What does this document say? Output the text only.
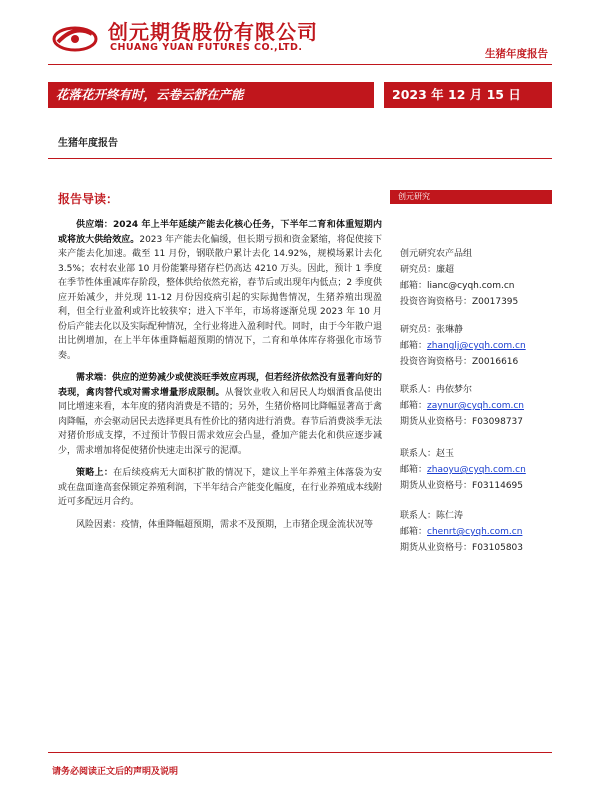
创元期货股份有限公司
CHUANG YUAN FUTURES CO.,LTD.
生猪年度报告
花落花开终有时，云卷云舒在产能	2023 年 12 月 15 日
生猪年度报告
报告导读：

供应端：2024 年上半年延续产能去化核心任务，下半年二育和体重短期内或将放大供给效应。2023 年产能去化偏缓，但长期亏损和资金紧缩，将促使接下来产能去化加速。截至 11 月份，钢联散户累计去化 14.92%，规模场累计去化 3.5%；农村农业部 10 月份能繁母猪存栏仍高达 4210 万头。因此，预计 1 季度在季节性体重减库存阶段，整体供给依然充裕，春节后或出现年内低点；2 季度供应开始减少，并兑现 11-12 月份因疫病引起的实际抛售情况，生猪养殖出现盈利，但全行业盈利或许比较狭窄；进入下半年，市场将逐渐兑现 2023 年 10 月份后产能去化以及实际配种情况，全行业将进入盈利时代。同时，由于今年散户退出比例增加，在上半年体重降幅超预期的情况下，二育和单体库存将强化市场节奏。

需求端：供应的逆势减少或使淡旺季效应再现，但若经济依然没有显著向好的表现，禽肉替代或对需求增量形成限制。从餐饮业收入和居民人均烟酒食品使出同比增速来看，本年度的猪肉消费是不错的；另外，生猪价格同比降幅显著高于禽肉降幅，亦会驱动居民去选择更具有性价比的猪肉进行消费。春节后消费淡季无法对猪价形成支撑，不过预计节假日需求效应会凸显，叠加产能去化和供应逐步减少，需求增加将促使猪价快速走出深亏的泥潭。

策略上：在后续疫病无大面积扩散的情况下，建议上半年养殖主体落袋为安或在盘面逢高套保锁定养殖利润，下半年结合产能变化幅度，在行业养殖成本线附近可多配远月合约。

风险因素：疫情，体重降幅超预期，需求不及预期，上市猪企现金流状况等

创元研究
创元研究农产品组
研究员：廉超
邮箱：lianc@cyqh.com.cn
投资咨询资格号：Z0017395
研究员：张琳静
邮箱：zhanglj@cyqh.com.cn
投资咨询资格号：Z0016616
联系人：冉依梦尔
邮箱：zaynur@cyqh.com.cn
期货从业资格号：F03098737
联系人：赵玉
邮箱：zhaoyu@cyqh.com.cn
期货从业资格号：F03114695
联系人：陈仁涛
邮箱：chenrt@cyqh.com.cn
期货从业资格号：F03105803
请务必阅读正文后的声明及说明
